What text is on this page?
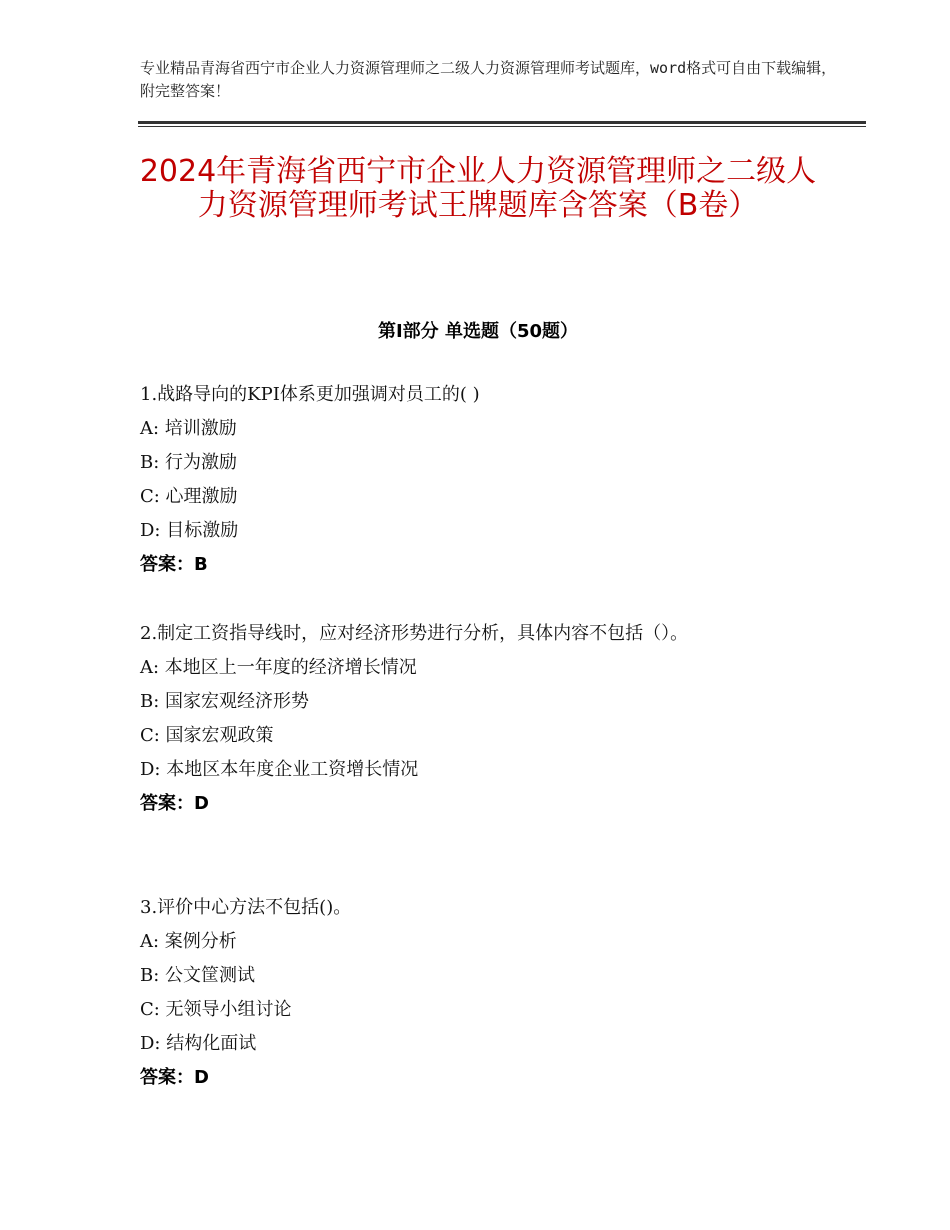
专业精品青海省西宁市企业人力资源管理师之二级人力资源管理师考试题库，word格式可自由下载编辑，附完整答案！
2024年青海省西宁市企业人力资源管理师之二级人力资源管理师考试王牌题库含答案（B卷）
第Ⅰ部分 单选题（50题）

1.战路导向的KPI体系更加强调对员工的( )

A: 培训激励

B: 行为激励

C: 心理激励

D: 目标激励

答案：B

2.制定工资指导线时，应对经济形势进行分析，具体内容不包括（）。

A: 本地区上一年度的经济增长情况

B: 国家宏观经济形势

C: 国家宏观政策

D: 本地区本年度企业工资增长情况

答案：D

3.评价中心方法不包括()。

A: 案例分析

B: 公文筐测试

C: 无领导小组讨论

D: 结构化面试

答案：D
